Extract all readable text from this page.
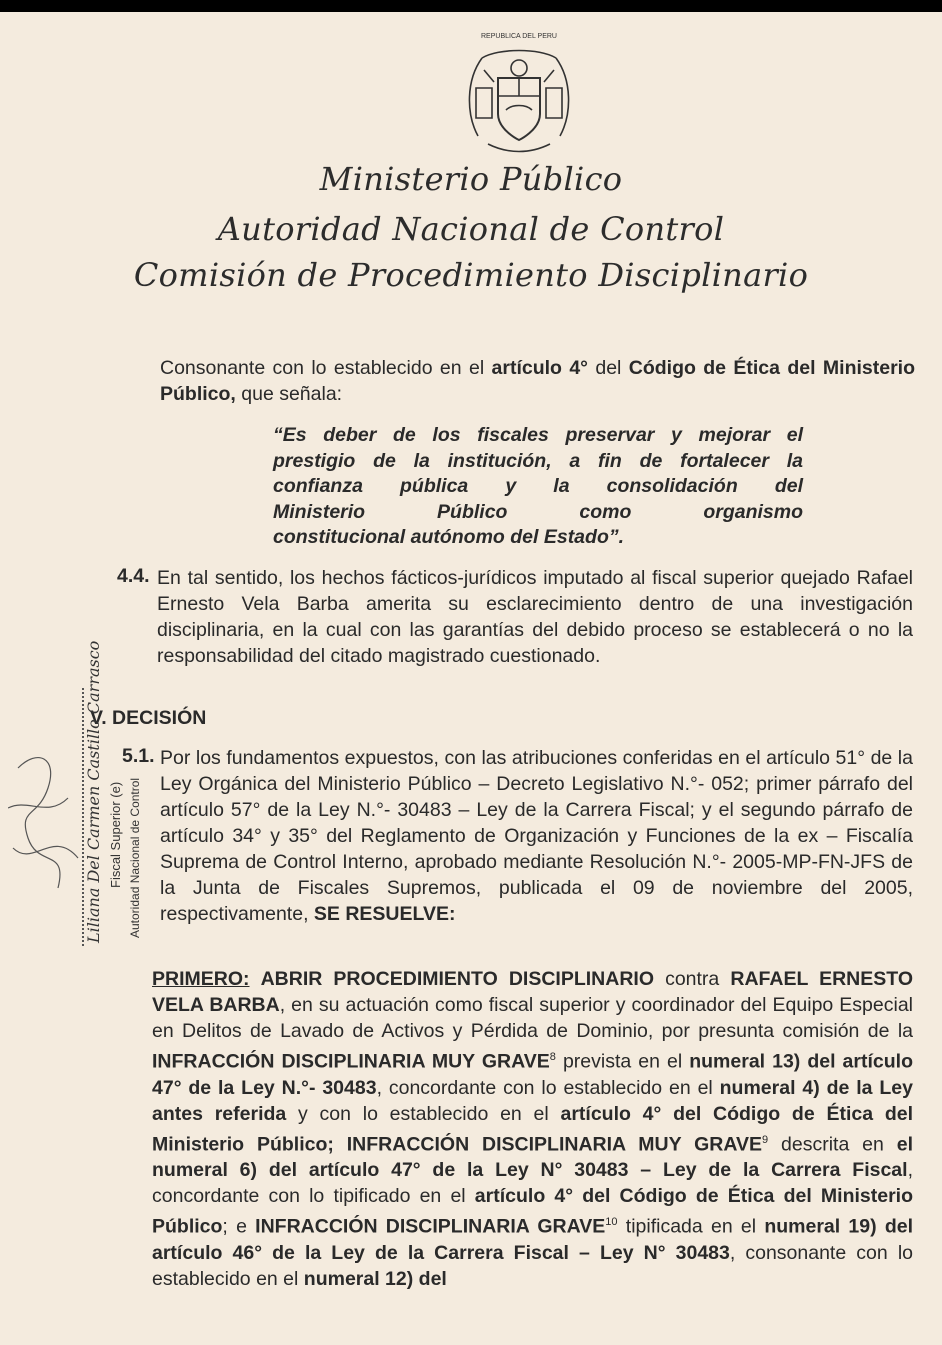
REPUBLICA DEL PERU
Ministerio Público
Autoridad Nacional de Control
Comisión de Procedimiento Disciplinario

Consonante con lo establecido en el artículo 4° del Código de Ética del Ministerio Público, que señala:

“Es deber de los fiscales preservar y mejorar el
prestigio de la institución, a fin de fortalecer la
confianza pública y la consolidación del
Ministerio Público como organismo
constitucional autónomo del Estado”.

4.4. En tal sentido, los hechos fácticos-jurídicos imputado al fiscal superior quejado Rafael Ernesto Vela Barba amerita su esclarecimiento dentro de una investigación disciplinaria, en la cual con las garantías del debido proceso se establecerá o no la responsabilidad del citado magistrado cuestionado.

V. DECISIÓN
5.1. Por los fundamentos expuestos, con las atribuciones conferidas en el artículo 51° de la Ley Orgánica del Ministerio Público – Decreto Legislativo N.°- 052; primer párrafo del artículo 57° de la Ley N.°- 30483 – Ley de la Carrera Fiscal; y el segundo párrafo de artículo 34° y 35° del Reglamento de Organización y Funciones de la ex – Fiscalía Suprema de Control Interno, aprobado mediante Resolución N.°- 2005-MP-FN-JFS de la Junta de Fiscales Supremos, publicada el 09 de noviembre del 2005, respectivamente, SE RESUELVE:

PRIMERO: ABRIR PROCEDIMIENTO DISCIPLINARIO contra RAFAEL ERNESTO VELA BARBA, en su actuación como fiscal superior y coordinador del Equipo Especial en Delitos de Lavado de Activos y Pérdida de Dominio, por presunta comisión de la INFRACCIÓN DISCIPLINARIA MUY GRAVE$^8$ prevista en el numeral 13) del artículo 47° de la Ley N.°- 30483, concordante con lo establecido en el numeral 4) de la Ley antes referida y con lo establecido en el artículo 4° del Código de Ética del Ministerio Público; INFRACCIÓN DISCIPLINARIA MUY GRAVE$^9$ descrita en el numeral 6) del artículo 47° de la Ley N° 30483 – Ley de la Carrera Fiscal, concordante con lo tipificado en el artículo 4° del Código de Ética del Ministerio Público; e INFRACCIÓN DISCIPLINARIA GRAVE$^{10}$ tipificada en el numeral 19) del artículo 46° de la Ley de la Carrera Fiscal – Ley N° 30483, consonante con lo establecido en el numeral 12) del

Liliana Del Carmen Castillo Carrasco Fiscal Superior (e) Autoridad Nacional de Control
